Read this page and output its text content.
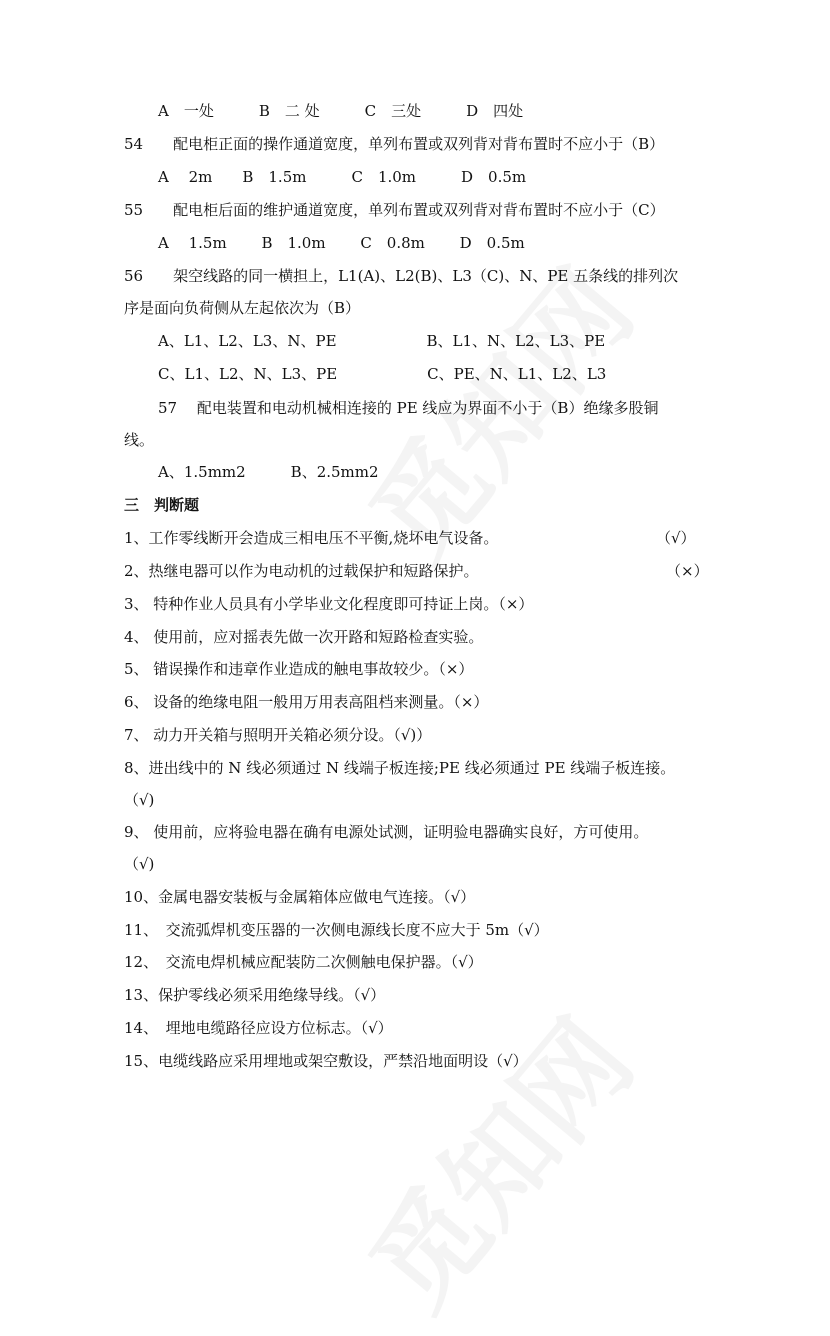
A　一处　　　B　二 处　　　C　三处　　　D　四处
54　　配电柜正面的操作通道宽度，单列布置或双列背对背布置时不应小于（B）
A　 2m　　B　1.5m　　　C　1.0m　　　D　0.5m
55　　配电柜后面的维护通道宽度，单列布置或双列背对背布置时不应小于（C）
A　 1.5m　　 B　1.0m　　 C　0.8m　　 D　0.5m
56　　架空线路的同一横担上，L1(A)、L2(B)、L3（C)、N、PE 五条线的排列次
序是面向负荷侧从左起依次为（B）
A、L1、L2、L3、N、PE　　　　　　B、L1、N、L2、L3、PE
C、L1、L2、N、L3、PE　　　　　　C、PE、N、L1、L2、L3
57　 配电装置和电动机械相连接的 PE 线应为界面不小于（B）绝缘多股铜
线。
A、1.5mm2　　　B、2.5mm2
三　判断题
1、工作零线断开会造成三相电压不平衡,烧坏电气设备。	（√）
2、热继电器可以作为电动机的过载保护和短路保护。	（×）
3、 特种作业人员具有小学毕业文化程度即可持证上岗。（×）
4、 使用前，应对摇表先做一次开路和短路检查实验。
5、 错误操作和违章作业造成的触电事故较少。（×）
6、 设备的绝缘电阻一般用万用表高阻档来测量。（×）
7、 动力开关箱与照明开关箱必须分设。（√)）
8、进出线中的 N 线必须通过 N 线端子板连接;PE 线必须通过 PE 线端子板连接。
（√)
9、 使用前，应将验电器在确有电源处试测，证明验电器确实良好，方可使用。
（√)
10、金属电器安装板与金属箱体应做电气连接。（√）
11、　交流弧焊机变压器的一次侧电源线长度不应大于 5m（√）
12、　交流电焊机械应配装防二次侧触电保护器。（√）
13、保护零线必须采用绝缘导线。（√）
14、　埋地电缆路径应设方位标志。（√）
15、电缆线路应采用埋地或架空敷设，严禁沿地面明设（√）
